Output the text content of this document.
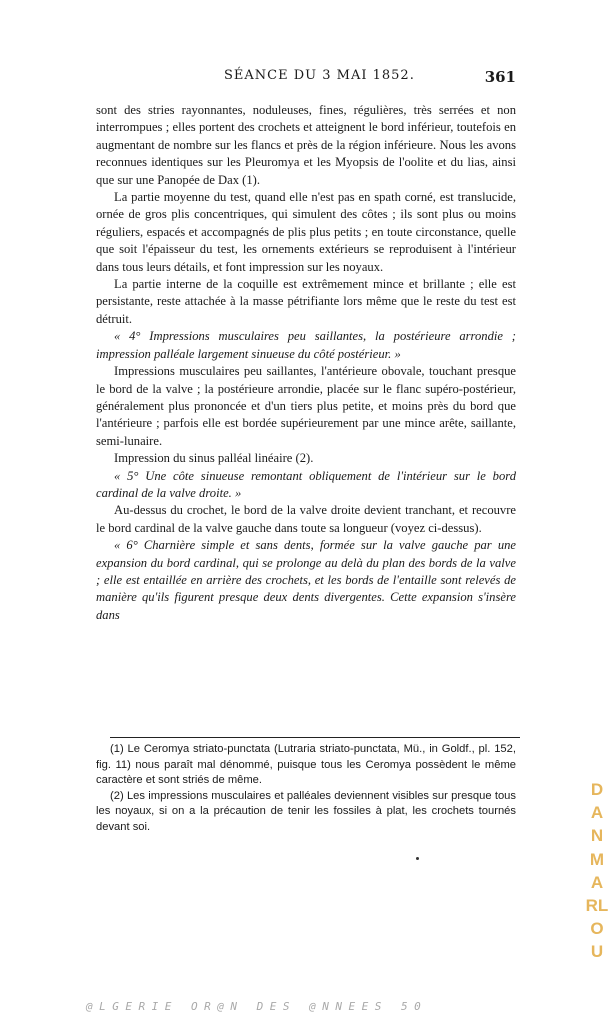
SÉANCE DU 3 MAI 1852.	361

sont des stries rayonnantes, noduleuses, fines, régulières, très serrées et non interrompues ; elles portent des crochets et atteignent le bord inférieur, toutefois en augmentant de nombre sur les flancs et près de la région inférieure. Nous les avons reconnues identiques sur les Pleuromya et les Myopsis de l'oolite et du lias, ainsi que sur une Panopée de Dax (1).

La partie moyenne du test, quand elle n'est pas en spath corné, est translucide, ornée de gros plis concentriques, qui simulent des côtes ; ils sont plus ou moins réguliers, espacés et accompagnés de plis plus petits ; en toute circonstance, quelle que soit l'épaisseur du test, les ornements extérieurs se reproduisent à l'intérieur dans tous leurs détails, et font impression sur les noyaux.

La partie interne de la coquille est extrêmement mince et brillante ; elle est persistante, reste attachée à la masse pétrifiante lors même que le reste du test est détruit.

« 4° Impressions musculaires peu saillantes, la postérieure arrondie ; impression palléale largement sinueuse du côté postérieur. »

Impressions musculaires peu saillantes, l'antérieure obovale, touchant presque le bord de la valve ; la postérieure arrondie, placée sur le flanc supéro-postérieur, généralement plus prononcée et d'un tiers plus petite, et moins près du bord que l'antérieure ; parfois elle est bordée supérieurement par une mince arête, saillante, semi-lunaire.

Impression du sinus palléal linéaire (2).

« 5° Une côte sinueuse remontant obliquement de l'intérieur sur le bord cardinal de la valve droite. »

Au-dessus du crochet, le bord de la valve droite devient tranchant, et recouvre le bord cardinal de la valve gauche dans toute sa longueur (voyez ci-dessus).

« 6° Charnière simple et sans dents, formée sur la valve gauche par une expansion du bord cardinal, qui se prolonge au delà du plan des bords de la valve ; elle est entaillée en arrière des crochets, et les bords de l'entaille sont relevés de manière qu'ils figurent presque deux dents divergentes. Cette expansion s'insère dans

(1) Le Ceromya striato-punctata (Lutraria striato-punctata, Mü., in Goldf., pl. 152, fig. 11) nous paraît mal dénommé, puisque tous les Ceromya possèdent le même caractère et sont striés de même.

(2) Les impressions musculaires et palléales deviennent visibles sur presque tous les noyaux, si on a la précaution de tenir les fossiles à plat, les crochets tournés devant soi.

DANMARLOU
@LGERIE OR@N DES @NNEES 50
